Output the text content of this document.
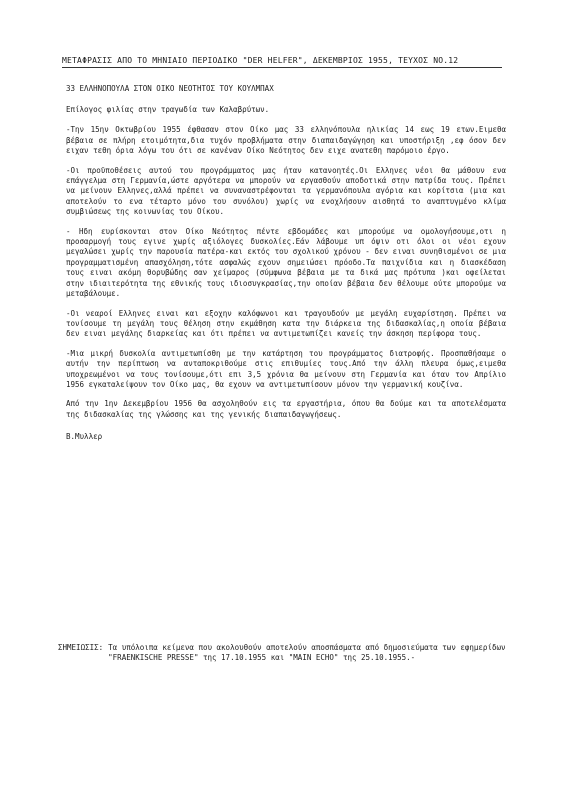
ΜΕΤΑΦΡΑΣΙΣ ΑΠΟ ΤΟ ΜΗΝΙΑΙΟ ΠΕΡΙΟΔΙΚΟ "DER HELFER", ΔΕΚΕΜΒΡΙΟΣ 1955, ΤΕΥΧΟΣ ΝΟ.12
33 ΕΛΛΗΝΟΠΟΥΛΑ ΣΤΟΝ ΟΙΚΟ ΝΕΟΤΗΤΟΣ ΤΟΥ ΚΟΥΛΜΠΑΧ

Επίλογος φιλίας στην τραγωδία των Καλαβρύτων.

-Την 15ην Οκτωβρίου 1955 έφθασαν στον Οίκο μας 33 ελληνόπουλα ηλικίας 14 εως 19 ετων.Ειμεθα βέβαια σε πλήρη ετοιμότητα,δια τυχόν προβλήματα στην διαπαιδαγώγηση και υποστήριξη ,εφ όσον δεν ειχαν τεθη όρια λόγω του ότι σε κανέναν Οίκο Νεότητος δεν ειχε ανατεθη παρόμοιο έργο.

-Οι προϋποθέσεις αυτού του προγράμματος μας ήταν κατανοητές.Οι Ελληνες νέοι θα μάθουν ενα επάγγελμα στη Γερμανία,ώστε αργότερα να μπορούν να εργασθούν αποδοτικά στην πατρίδα τους. Πρέπει να μείνουν Ελληνες,αλλά πρέπει να συναναστρέφονται τα γερμανόπουλα αγόρια και κορίτσια (μια και αποτελούν το ενα τέταρτο μόνο του συνόλου) χωρίς να ενοχλήσουν αισθητά το αναπτυγμένο κλίμα συμβιώσεως της κοινωνίας του Οίκου.

- Ηδη ευρίσκονται στον Οίκο Νεότητος πέντε εβδομάδες και μπορούμε να ομολογήσουμε,οτι η προσαρμογή τους εγινε χωρίς αξιόλογες δυσκολίες.Εάν λάβουμε υπ όψιν οτι όλοι οι νέοι εχουν μεγαλώσει χωρίς την παρουσία πατέρα-και εκτός του σχολικού χρόνου - δεν ειναι συνηθισμένοι σε μια προγραμματισμένη απασχόληση,τότε ασφαλώς εχουν σημειώσει πρόοδο.Τα παιχνίδια και η διασκέδαση τους ειναι ακόμη θορυβώδης σαν χείμαρος (σύμφωνα βέβαια με τα δικά μας πρότυπα )και οφείλεται στην ιδιαιτερότητα της εθνικής τους ιδιοσυγκρασίας,την οποίαν βέβαια δεν θέλουμε ούτε μπορούμε να μεταβάλουμε.

-Οι νεαροί Ελληνες ειναι και εξοχην καλόφωνοι και τραγουδούν με μεγάλη ευχαρίστηση. Πρέπει να τονίσουμε τη μεγάλη τους θέληση στην εκμάθηση κατα την διάρκεια της διδασκαλίας,η οποία βέβαια δεν ειναι μεγάλης διαρκείας και ότι πρέπει να αντιμετωπίζει κανείς την άσκηση περίφορα τους.

-Μια μικρή δυσκολία αντιμετωπίσθη με την κατάρτηση του προγράμματος διατροφής. Προσπαθήσαμε ο αυτήν την περίπτωση να ανταποκριθούμε στις επιθυμίες τους.Από την άλλη πλευρα όμως,ειμεθα υποχρεωμένοι να τους τονίσουμε,ότι επι 3,5 χρόνια θα μείνουν στη Γερμανία και όταν τον Απρίλιο 1956 εγκαταλείψουν τον Οίκο μας, θα εχουν να αντιμετωπίσουν μόνον την γερμανική κουζίνα.

Από την 1ην Δεκεμβρίου 1956 θα ασχοληθούν εις τα εργαστήρια, όπου θα δούμε και τα αποτελέσματα της διδασκαλίας της γλώσσης και της γενικής διαπαιδαγωγήσεως.

Β.Μυλλερ

ΣΗΜΕΙΩΣΙΣ: Τα υπόλοιπα κείμενα που ακολουθούν αποτελούν αποσπάσματα από δημοσιεύματα των εφημερίδων "FRAENKISCHE PRESSE" της 17.10.1955 και "MAIN ECHO" της 25.10.1955.-
